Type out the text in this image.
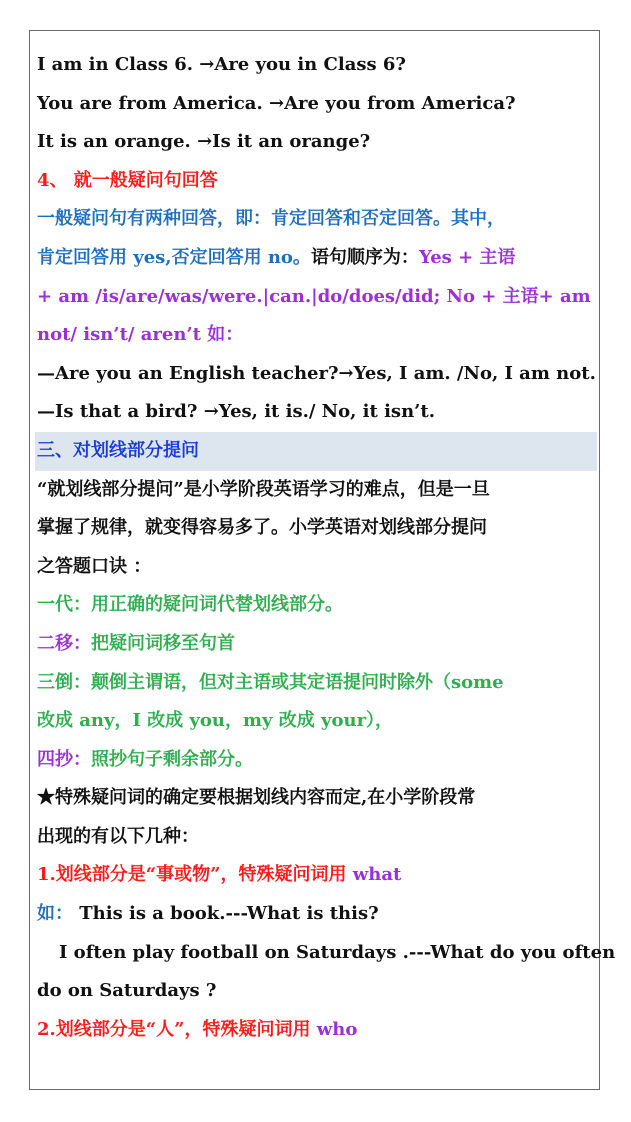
I am in Class 6. →Are you in Class 6?
You are from America. →Are you from America?
It is an orange. →Is it an orange?
4、 就一般疑问句回答
一般疑问句有两种回答，即：肯定回答和否定回答。其中，
肯定回答用 yes,否定回答用 no。语句顺序为：Yes + 主语
+ am /is/are/was/were.|can.|do/does/did; No + 主语+ am
not/ isn’t/ aren’t 如：
—Are you an English teacher?→Yes, I am. /No, I am not.
—Is that a bird? →Yes, it is./ No, it isn’t.
三、对划线部分提问
“就划线部分提问”是小学阶段英语学习的难点，但是一旦
掌握了规律，就变得容易多了。小学英语对划线部分提问
之答题口诀 ：
一代：用正确的疑问词代替划线部分。
二移：把疑问词移至句首
三倒：颠倒主谓语，但对主语或其定语提问时除外（some
改成 any，I 改成 you，my 改成 your），
四抄：照抄句子剩余部分。
★特殊疑问词的确定要根据划线内容而定,在小学阶段常
出现的有以下几种：
1.划线部分是“事或物”，特殊疑问词用 what
如： This is a book.---What is this?
I often play football on Saturdays .---What do you often
do on Saturdays ?
2.划线部分是“人”，特殊疑问词用 who
